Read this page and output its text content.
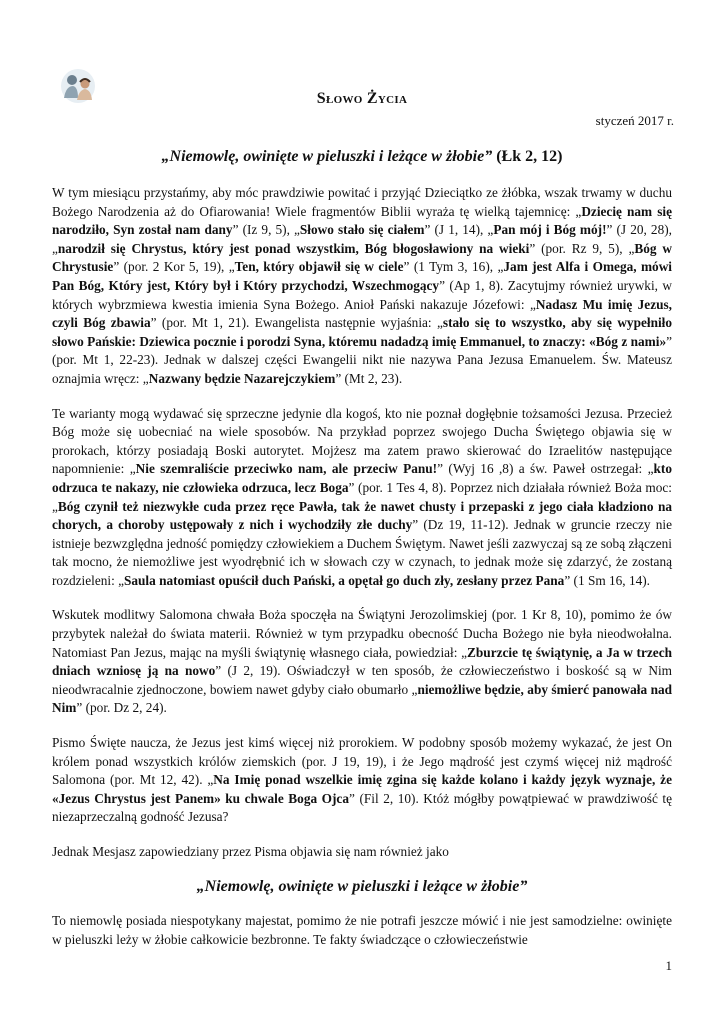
Słowo Życia
styczeń 2017 r.
„Niemowlę, owinięte w pieluszki i leżące w żłobie” (Łk 2, 12)

W tym miesiącu przystańmy, aby móc prawdziwie powitać i przyjąć Dzieciątko ze żłóbka, wszak trwamy w duchu Bożego Narodzenia aż do Ofiarowania! Wiele fragmentów Biblii wyraża tę wielką tajemnicę: „Dziecię nam się narodziło, Syn został nam dany” (Iz 9, 5), „Słowo stało się ciałem” (J 1, 14), „Pan mój i Bóg mój!” (J 20, 28), „narodził się Chrystus, który jest ponad wszystkim, Bóg błogosławiony na wieki” (por. Rz 9, 5), „Bóg w Chrystusie” (por. 2 Kor 5, 19), „Ten, który objawił się w ciele” (1 Tym 3, 16), „Jam jest Alfa i Omega, mówi Pan Bóg, Który jest, Który był i Który przychodzi, Wszechmogący” (Ap 1, 8). Zacytujmy również urywki, w których wybrzmiewa kwestia imienia Syna Bożego. Anioł Pański nakazuje Józefowi: „Nadasz Mu imię Jezus, czyli Bóg zbawia” (por. Mt 1, 21). Ewangelista następnie wyjaśnia: „stało się to wszystko, aby się wypełniło słowo Pańskie: Dziewica pocznie i porodzi Syna, któremu nadadzą imię Emmanuel, to znaczy: «Bóg z nami»” (por. Mt 1, 22-23). Jednak w dalszej części Ewangelii nikt nie nazywa Pana Jezusa Emanuelem. Św. Mateusz oznajmia wręcz: „Nazwany będzie Nazarejczykiem” (Mt 2, 23).

Te warianty mogą wydawać się sprzeczne jedynie dla kogoś, kto nie poznał dogłębnie tożsamości Jezusa. Przecież Bóg może się uobecniać na wiele sposobów. Na przykład poprzez swojego Ducha Świętego objawia się w prorokach, którzy posiadają Boski autorytet. Mojżesz ma zatem prawo skierować do Izraelitów następujące napomnienie: „Nie szemraliście przeciwko nam, ale przeciw Panu!” (Wyj 16 ,8) a św. Paweł ostrzegał: „kto odrzuca te nakazy, nie człowieka odrzuca, lecz Boga” (por. 1 Tes 4, 8). Poprzez nich działała również Boża moc: „Bóg czynił też niezwykłe cuda przez ręce Pawła, tak że nawet chusty i przepaski z jego ciała kładziono na chorych, a choroby ustępowały z nich i wychodziły złe duchy” (Dz 19, 11-12). Jednak w gruncie rzeczy nie istnieje bezwzględna jedność pomiędzy człowiekiem a Duchem Świętym. Nawet jeśli zazwyczaj są ze sobą złączeni tak mocno, że niemożliwe jest wyodrębnić ich w słowach czy w czynach, to jednak może się zdarzyć, że zostaną rozdzieleni: „Saula natomiast opuścił duch Pański, a opętał go duch zły, zesłany przez Pana” (1 Sm 16, 14).

Wskutek modlitwy Salomona chwała Boża spoczęła na Świątyni Jerozolimskiej (por. 1 Kr 8, 10), pomimo że ów przybytek należał do świata materii. Również w tym przypadku obecność Ducha Bożego nie była nieodwołalna. Natomiast Pan Jezus, mając na myśli świątynię własnego ciała, powiedział: „Zburzcie tę świątynię, a Ja w trzech dniach wzniosę ją na nowo” (J 2, 19). Oświadczył w ten sposób, że człowieczeństwo i boskość są w Nim nieodwracalnie zjednoczone, bowiem nawet gdyby ciało obumarło „niemożliwe będzie, aby śmierć panowała nad Nim” (por. Dz 2, 24).

Pismo Święte naucza, że Jezus jest kimś więcej niż prorokiem. W podobny sposób możemy wykazać, że jest On królem ponad wszystkich królów ziemskich (por. J 19, 19), i że Jego mądrość jest czymś więcej niż mądrość Salomona (por. Mt 12, 42). „Na Imię ponad wszelkie imię zgina się każde kolano i każdy język wyznaje, że «Jezus Chrystus jest Panem» ku chwale Boga Ojca” (Fil 2, 10). Któż mógłby powątpiewać w prawdziwość tę niezaprzeczalną godność Jezusa?

Jednak Mesjasz zapowiedziany przez Pisma objawia się nam również jako

„Niemowlę, owinięte w pieluszki i leżące w żłobie”

To niemowlę posiada niespotykany majestat, pomimo że nie potrafi jeszcze mówić i nie jest samodzielne: owinięte w pieluszki leży w żłobie całkowicie bezbronne. Te fakty świadczące o człowieczeństwie

1
